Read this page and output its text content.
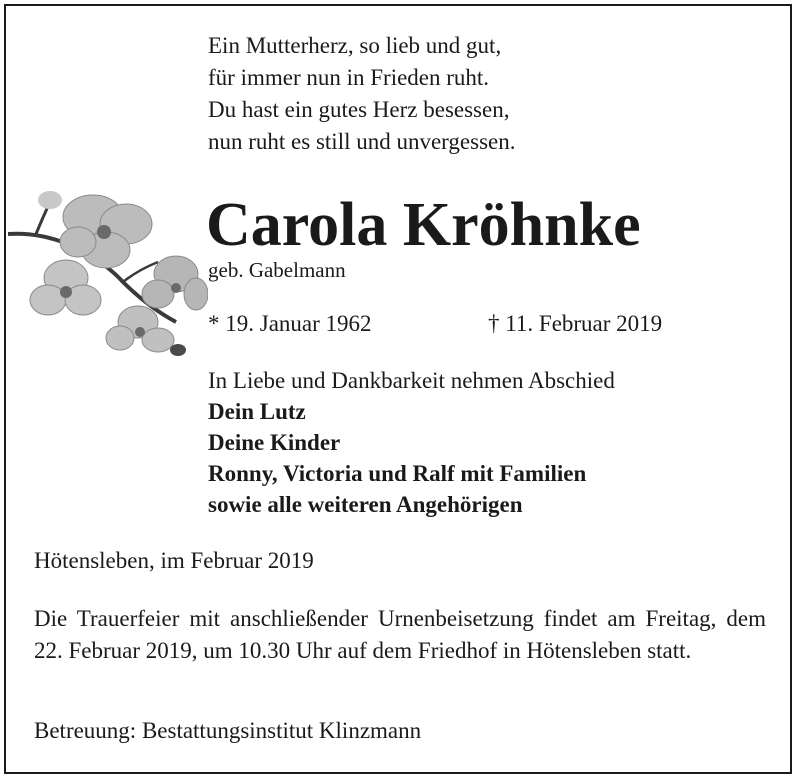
Ein Mutterherz, so lieb und gut,
für immer nun in Frieden ruht.
Du hast ein gutes Herz besessen,
nun ruht es still und unvergessen.
Carola Kröhnke
geb. Gabelmann
* 19. Januar 1962	† 11. Februar 2019
In Liebe und Dankbarkeit nehmen Abschied
Dein Lutz
Deine Kinder
Ronny, Victoria und Ralf mit Familien
sowie alle weiteren Angehörigen
Hötensleben, im Februar 2019
Die Trauerfeier mit anschließender Urnenbeisetzung findet am Freitag, dem 22. Februar 2019, um 10.30 Uhr auf dem Friedhof in Hötensleben statt.
Betreuung: Bestattungsinstitut Klinzmann
